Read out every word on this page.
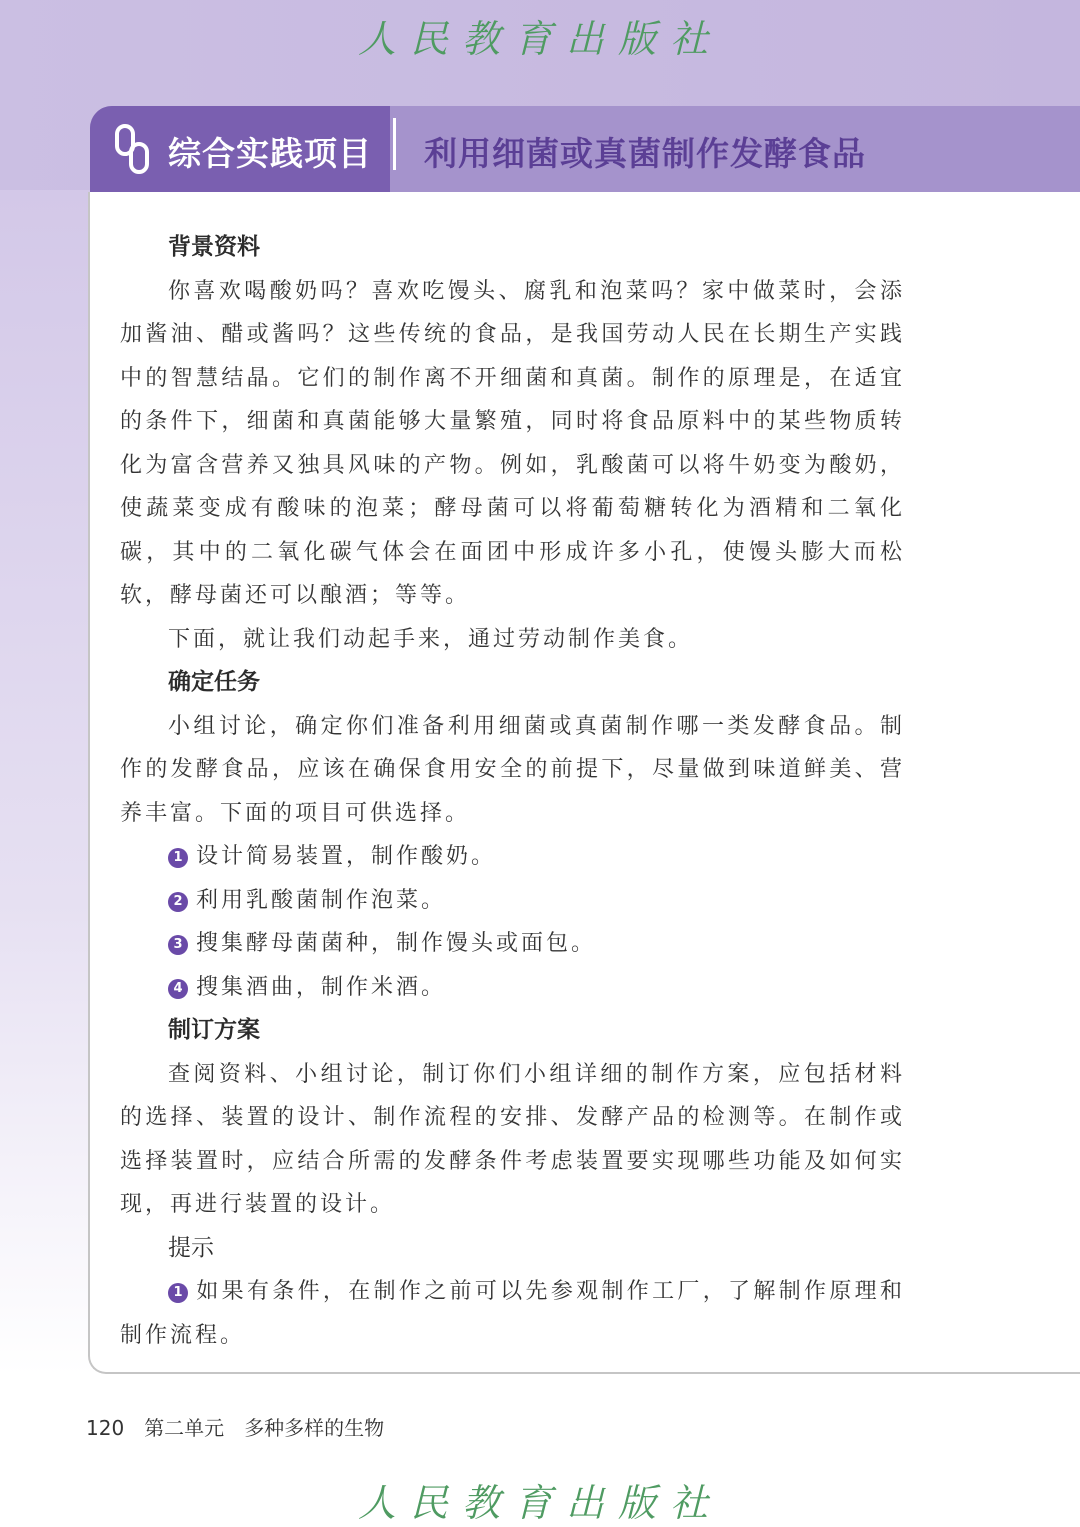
人民教育出版社
综合实践项目 利用细菌或真菌制作发酵食品
背景资料
你喜欢喝酸奶吗？喜欢吃馒头、腐乳和泡菜吗？家中做菜时，会添加酱油、醋或酱吗？这些传统的食品，是我国劳动人民在长期生产实践中的智慧结晶。它们的制作离不开细菌和真菌。制作的原理是，在适宜的条件下，细菌和真菌能够大量繁殖，同时将食品原料中的某些物质转化为富含营养又独具风味的产物。例如，乳酸菌可以将牛奶变为酸奶，使蔬菜变成有酸味的泡菜；酵母菌可以将葡萄糖转化为酒精和二氧化碳，其中的二氧化碳气体会在面团中形成许多小孔，使馒头膨大而松软，酵母菌还可以酿酒；等等。
下面，就让我们动起手来，通过劳动制作美食。
确定任务
小组讨论，确定你们准备利用细菌或真菌制作哪一类发酵食品。制作的发酵食品，应该在确保食用安全的前提下，尽量做到味道鲜美、营养丰富。下面的项目可供选择。
1 设计简易装置，制作酸奶。
2 利用乳酸菌制作泡菜。
3 搜集酵母菌菌种，制作馒头或面包。
4 搜集酒曲，制作米酒。
制订方案
查阅资料、小组讨论，制订你们小组详细的制作方案，应包括材料的选择、装置的设计、制作流程的安排、发酵产品的检测等。在制作或选择装置时，应结合所需的发酵条件考虑装置要实现哪些功能及如何实现，再进行装置的设计。
提示
1 如果有条件，在制作之前可以先参观制作工厂，了解制作原理和制作流程。
120 第二单元 多种多样的生物
人民教育出版社
